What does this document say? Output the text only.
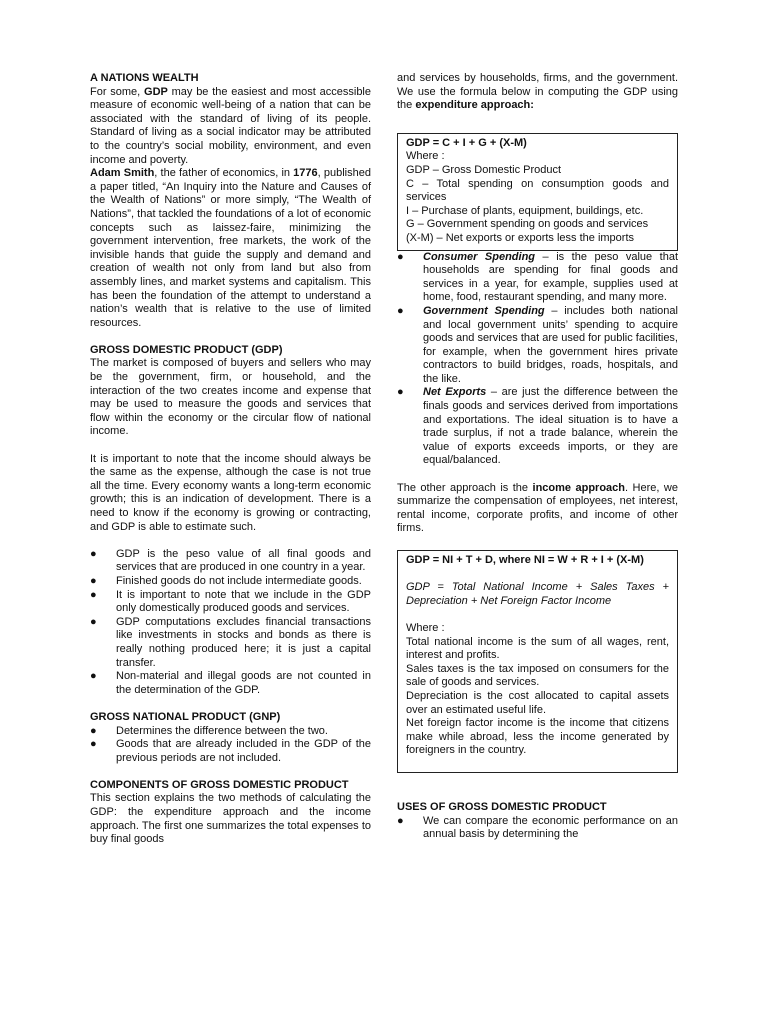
A NATIONS WEALTH

For some, GDP may be the easiest and most accessible measure of economic well-being of a nation that can be associated with the standard of living of its people. Standard of living as a social indicator may be attributed to the country’s social mobility, environment, and even income and poverty.

Adam Smith, the father of economics, in 1776, published a paper titled, “An Inquiry into the Nature and Causes of the Wealth of Nations” or more simply, “The Wealth of Nations”, that tackled the foundations of a lot of economic concepts such as laissez-faire, minimizing the government intervention, free markets, the work of the invisible hands that guide the supply and demand and creation of wealth not only from land but also from assembly lines, and market systems and capitalism. This has been the foundation of the attempt to understand a nation’s wealth that is relative to the use of limited resources.

GROSS DOMESTIC PRODUCT (GDP)

The market is composed of buyers and sellers who may be the government, firm, or household, and the interaction of the two creates income and expense that may be used to measure the goods and services that flow within the economy or the circular flow of national income.

It is important to note that the income should always be the same as the expense, although the case is not true all the time. Every economy wants a long-term economic growth; this is an indication of development. There is a need to know if the economy is growing or contracting, and GDP is able to estimate such.

● GDP is the peso value of all final goods and services that are produced in one country in a year.
● Finished goods do not include intermediate goods.
● It is important to note that we include in the GDP only domestically produced goods and services.
● GDP computations excludes financial transactions like investments in stocks and bonds as there is really nothing produced here; it is just a capital transfer.
● Non-material and illegal goods are not counted in the determination of the GDP.

GROSS NATIONAL PRODUCT (GNP)

● Determines the difference between the two.
● Goods that are already included in the GDP of the previous periods are not included.

COMPONENTS OF GROSS DOMESTIC PRODUCT

This section explains the two methods of calculating the GDP: the expenditure approach and the income approach. The first one summarizes the total expenses to buy final goods

and services by households, firms, and the government. We use the formula below in computing the GDP using the expenditure approach:

GDP = C + I + G + (X-M)

Where :

GDP – Gross Domestic Product

C – Total spending on consumption goods and services

I – Purchase of plants, equipment, buildings, etc.

G – Government spending on goods and services

(X-M) – Net exports or exports less the imports

● Consumer Spending – is the peso value that households are spending for final goods and services in a year, for example, supplies used at home, food, restaurant spending, and many more.
● Government Spending – includes both national and local government units’ spending to acquire goods and services that are used for public facilities, for example, when the government hires private contractors to build bridges, roads, hospitals, and the like.
● Net Exports – are just the difference between the finals goods and services derived from importations and exportations. The ideal situation is to have a trade surplus, if not a trade balance, wherein the value of exports exceeds imports, or they are equal/balanced.

The other approach is the income approach. Here, we summarize the compensation of employees, net interest, rental income, corporate profits, and income of other firms.

GDP = NI + T + D, where NI = W + R + I + (X-M)

GDP = Total National Income + Sales Taxes + Depreciation + Net Foreign Factor Income

Where :

Total national income is the sum of all wages, rent, interest and profits.

Sales taxes is the tax imposed on consumers for the sale of goods and services.

Depreciation is the cost allocated to capital assets over an estimated useful life.

Net foreign factor income is the income that citizens make while abroad, less the income generated by foreigners in the country.

USES OF GROSS DOMESTIC PRODUCT

● We can compare the economic performance on an annual basis by determining the
